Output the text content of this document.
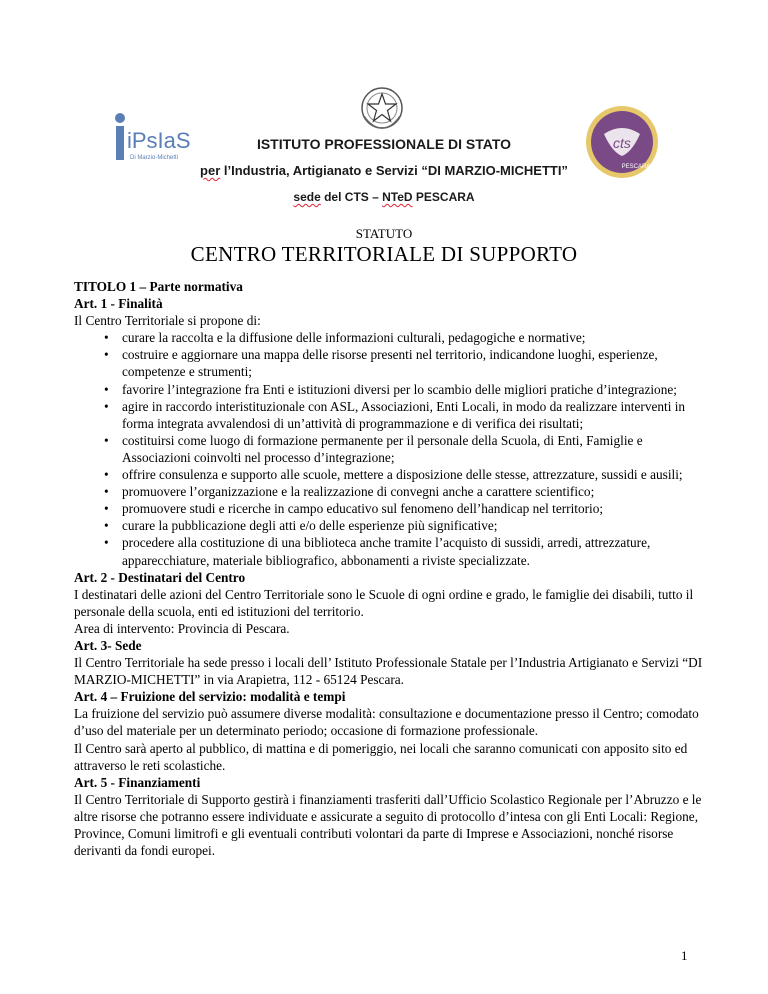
iPsIaS
Di Marzio-Michetti
cts
PESCARA
ISTITUTO PROFESSIONALE DI STATO
per l’Industria, Artigianato e Servizi “DI MARZIO-MICHETTI”
sede del CTS – NTeD PESCARA
STATUTO
CENTRO TERRITORIALE DI SUPPORTO

TITOLO 1 – Parte normativa

Art. 1 - Finalità

Il Centro Territoriale si propone di:

• curare la raccolta e la diffusione delle informazioni culturali, pedagogiche e normative;
• costruire e aggiornare una mappa delle risorse presenti nel territorio, indicandone luoghi, esperienze, competenze e strumenti;
• favorire l’integrazione fra Enti e istituzioni diversi per lo scambio delle migliori pratiche d’integrazione;
• agire in raccordo interistituzionale con ASL, Associazioni, Enti Locali, in modo da realizzare interventi in forma integrata avvalendosi di un’attività di programmazione e di verifica dei risultati;
• costituirsi come luogo di formazione permanente per il personale della Scuola, di Enti, Famiglie e Associazioni coinvolti nel processo d’integrazione;
• offrire consulenza e supporto alle scuole, mettere a disposizione delle stesse, attrezzature, sussidi e ausili;
• promuovere l’organizzazione e la realizzazione di convegni anche a carattere scientifico;
• promuovere studi e ricerche in campo educativo sul fenomeno dell’handicap nel territorio;
• curare la pubblicazione degli atti e/o delle esperienze più significative;
• procedere alla costituzione di una biblioteca anche tramite l’acquisto di sussidi, arredi, attrezzature, apparecchiature, materiale bibliografico, abbonamenti a riviste specializzate.

Art. 2 - Destinatari del Centro

I destinatari delle azioni del Centro Territoriale sono le Scuole di ogni ordine e grado, le famiglie dei disabili, tutto il personale della scuola, enti ed istituzioni del territorio.

Area di intervento: Provincia di Pescara.

Art. 3- Sede

Il Centro Territoriale ha sede presso i locali dell’ Istituto Professionale Statale per l’Industria Artigianato e Servizi “DI MARZIO-MICHETTI” in via Arapietra, 112 - 65124 Pescara.

Art. 4 – Fruizione del servizio: modalità e tempi

La fruizione del servizio può assumere diverse modalità: consultazione e documentazione presso il Centro; comodato d’uso del materiale per un determinato periodo; occasione di formazione professionale.

Il Centro sarà aperto al pubblico, di mattina e di pomeriggio, nei locali che saranno comunicati con apposito sito ed attraverso le reti scolastiche.

Art. 5 - Finanziamenti

Il Centro Territoriale di Supporto gestirà i finanziamenti trasferiti dall’Ufficio Scolastico Regionale per l’Abruzzo e le altre risorse che potranno essere individuate e assicurate a seguito di protocollo d’intesa con gli Enti Locali: Regione, Province, Comuni limitrofi e gli eventuali contributi volontari da parte di Imprese e Associazioni, nonché risorse derivanti da fondi europei.

1
